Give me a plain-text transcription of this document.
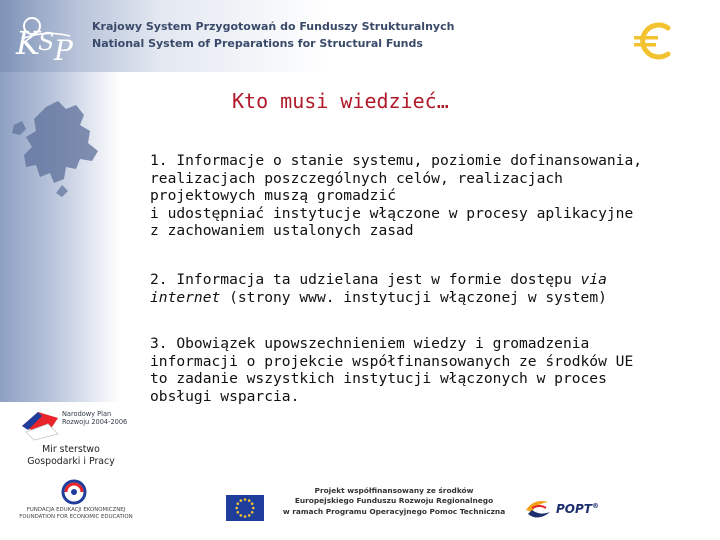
K
S P
Krajowy System Przygotowań do Funduszy Strukturalnych
National System of Preparations for Structural Funds
Kto musi wiedzieć…
1. Informacje o stanie systemu, poziomie dofinansowania,
realizacjach poszczególnych celów, realizacjach
projektowych muszą gromadzić
i udostępniać instytucje włączone w procesy aplikacyjne
z zachowaniem ustalonych zasad
2. Informacja ta udzielana jest w formie dostępu via
internet (strony www. instytucji włączonej w system)
3. Obowiązek upowszechnieniem wiedzy i gromadzenia
informacji o projekcie współfinansowanych ze środków UE
to zadanie wszystkich instytucji włączonych w proces
obsługi wsparcia.
Narodowy Plan
Rozwoju 2004-2006
Mir sterstwo
Gospodarki i Pracy
FUNDACJA EDUKACJI EKONOMICZNEJ
FOUNDATION FOR ECONOMIC EDUCATION
Projekt współfinansowany ze środków
Europejskiego Funduszu Rozwoju Regionalnego
w ramach Programu Operacyjnego Pomoc Techniczna	POPT®
